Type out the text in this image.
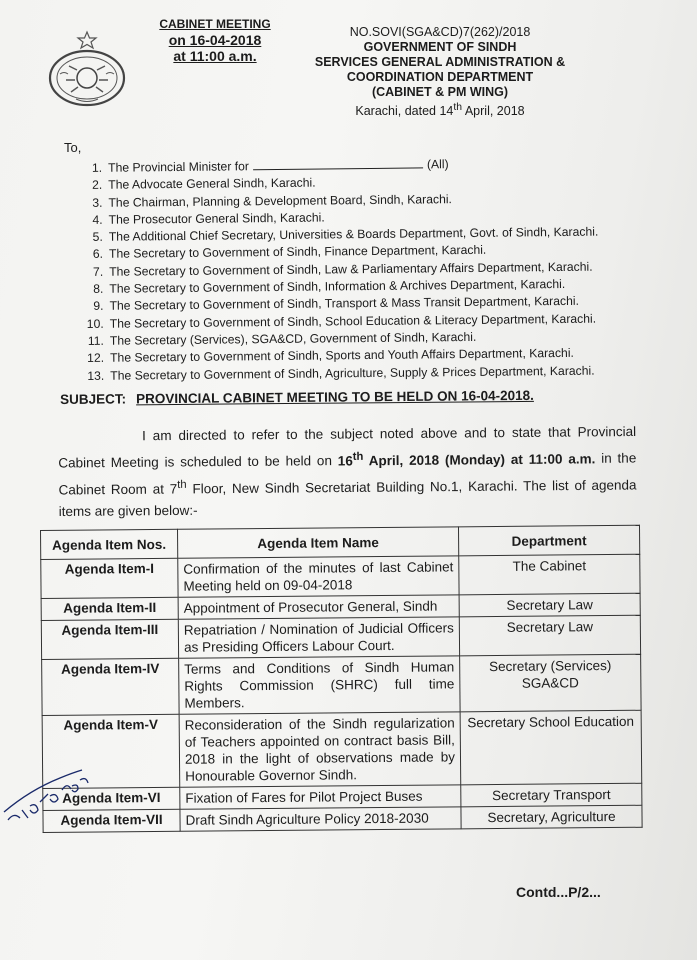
CABINET MEETING
on 16-04-2018
at 11:00 a.m.
NO.SOVI(SGA&CD)7(262)/2018
GOVERNMENT OF SINDH
SERVICES GENERAL ADMINISTRATION &
COORDINATION DEPARTMENT
(CABINET & PM WING)
Karachi, dated 14th April, 2018
To,
1. The Provincial Minister for	(All)
2. The Advocate General Sindh, Karachi.
3. The Chairman, Planning & Development Board, Sindh, Karachi.
4. The Prosecutor General Sindh, Karachi.
5. The Additional Chief Secretary, Universities & Boards Department, Govt. of Sindh, Karachi.
6. The Secretary to Government of Sindh, Finance Department, Karachi.
7. The Secretary to Government of Sindh, Law & Parliamentary Affairs Department, Karachi.
8. The Secretary to Government of Sindh, Information & Archives Department, Karachi.
9. The Secretary to Government of Sindh, Transport & Mass Transit Department, Karachi.
10. The Secretary to Government of Sindh, School Education & Literacy Department, Karachi.
11. The Secretary (Services), SGA&CD, Government of Sindh, Karachi.
12. The Secretary to Government of Sindh, Sports and Youth Affairs Department, Karachi.
13. The Secretary to Government of Sindh, Agriculture, Supply & Prices Department, Karachi.
SUBJECT: PROVINCIAL CABINET MEETING TO BE HELD ON 16-04-2018.

I am directed to refer to the subject noted above and to state that Provincial Cabinet Meeting is scheduled to be held on 16th April, 2018 (Monday) at 11:00 a.m. in the Cabinet Room at 7th Floor, New Sindh Secretariat Building No.1, Karachi. The list of agenda items are given below:-

Agenda Item Nos.	Agenda Item Name	Department
Agenda Item-I	Confirmation of the minutes of last Cabinet Meeting held on 09-04-2018	The Cabinet
Agenda Item-II	Appointment of Prosecutor General, Sindh	Secretary Law
Agenda Item-III	Repatriation / Nomination of Judicial Officers as Presiding Officers Labour Court.	Secretary Law
Agenda Item-IV	Terms and Conditions of Sindh Human Rights Commission (SHRC) full time Members.	Secretary (Services) SGA&CD
Agenda Item-V	Reconsideration of the Sindh regularization of Teachers appointed on contract basis Bill, 2018 in the light of observations made by Honourable Governor Sindh.	Secretary School Education
Agenda Item-VI	Fixation of Fares for Pilot Project Buses	Secretary Transport
Agenda Item-VII	Draft Sindh Agriculture Policy 2018-2030	Secretary, Agriculture
Contd...P/2...
